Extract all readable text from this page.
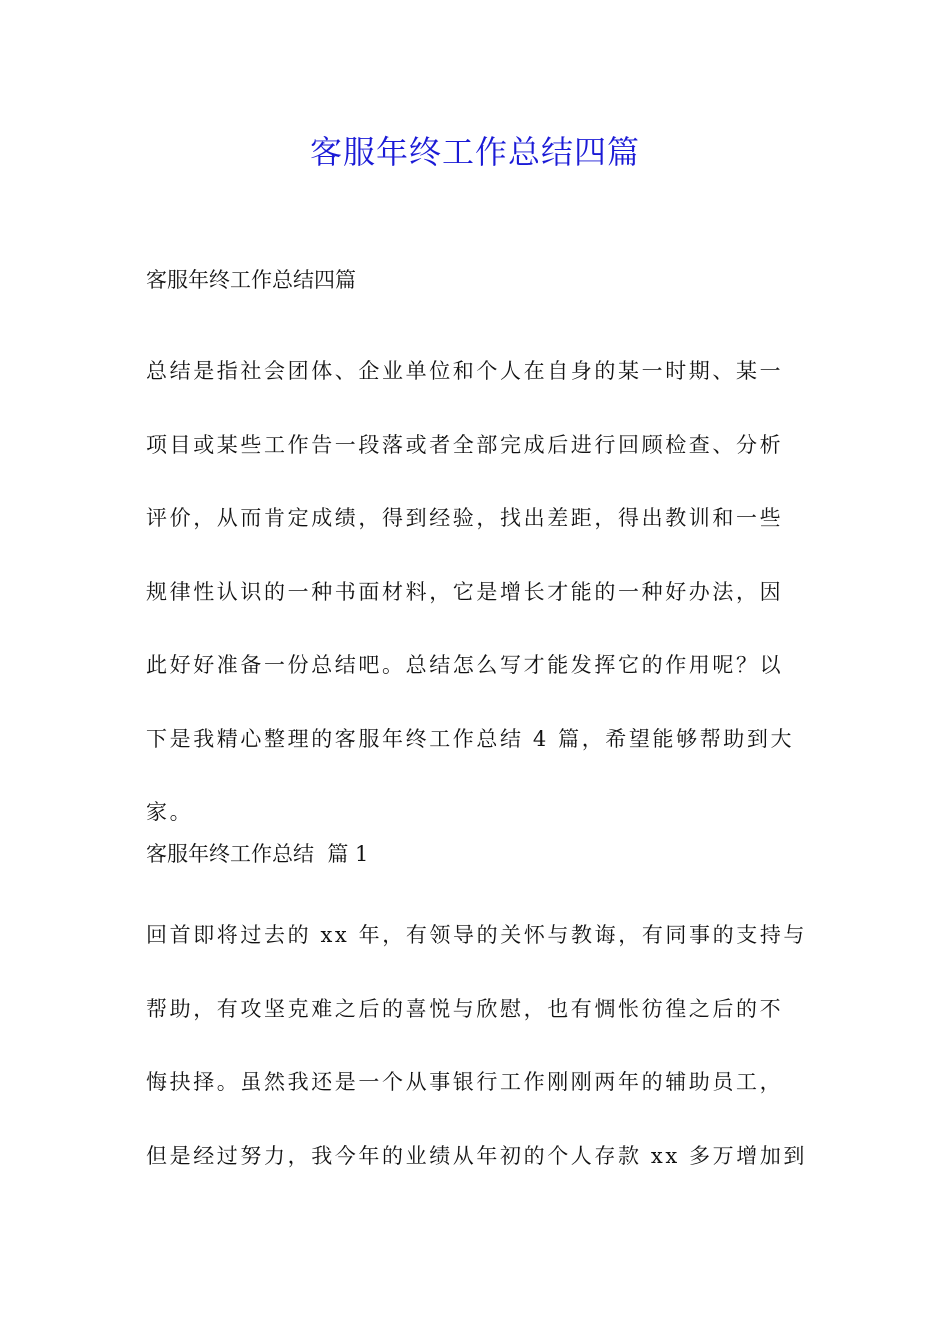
客服年终工作总结四篇

客服年终工作总结四篇

总结是指社会团体、企业单位和个人在自身的某一时期、某一
项目或某些工作告一段落或者全部完成后进行回顾检查、分析
评价，从而肯定成绩，得到经验，找出差距，得出教训和一些
规律性认识的一种书面材料，它是增长才能的一种好办法，因
此好好准备一份总结吧。总结怎么写才能发挥它的作用呢？以
下是我精心整理的客服年终工作总结 4 篇，希望能够帮助到大
家。

客服年终工作总结  篇 1

回首即将过去的 xx 年，有领导的关怀与教诲，有同事的支持与
帮助，有攻坚克难之后的喜悦与欣慰，也有惆怅彷徨之后的不
悔抉择。虽然我还是一个从事银行工作刚刚两年的辅助员工，
但是经过努力，我今年的业绩从年初的个人存款 xx 多万增加到
